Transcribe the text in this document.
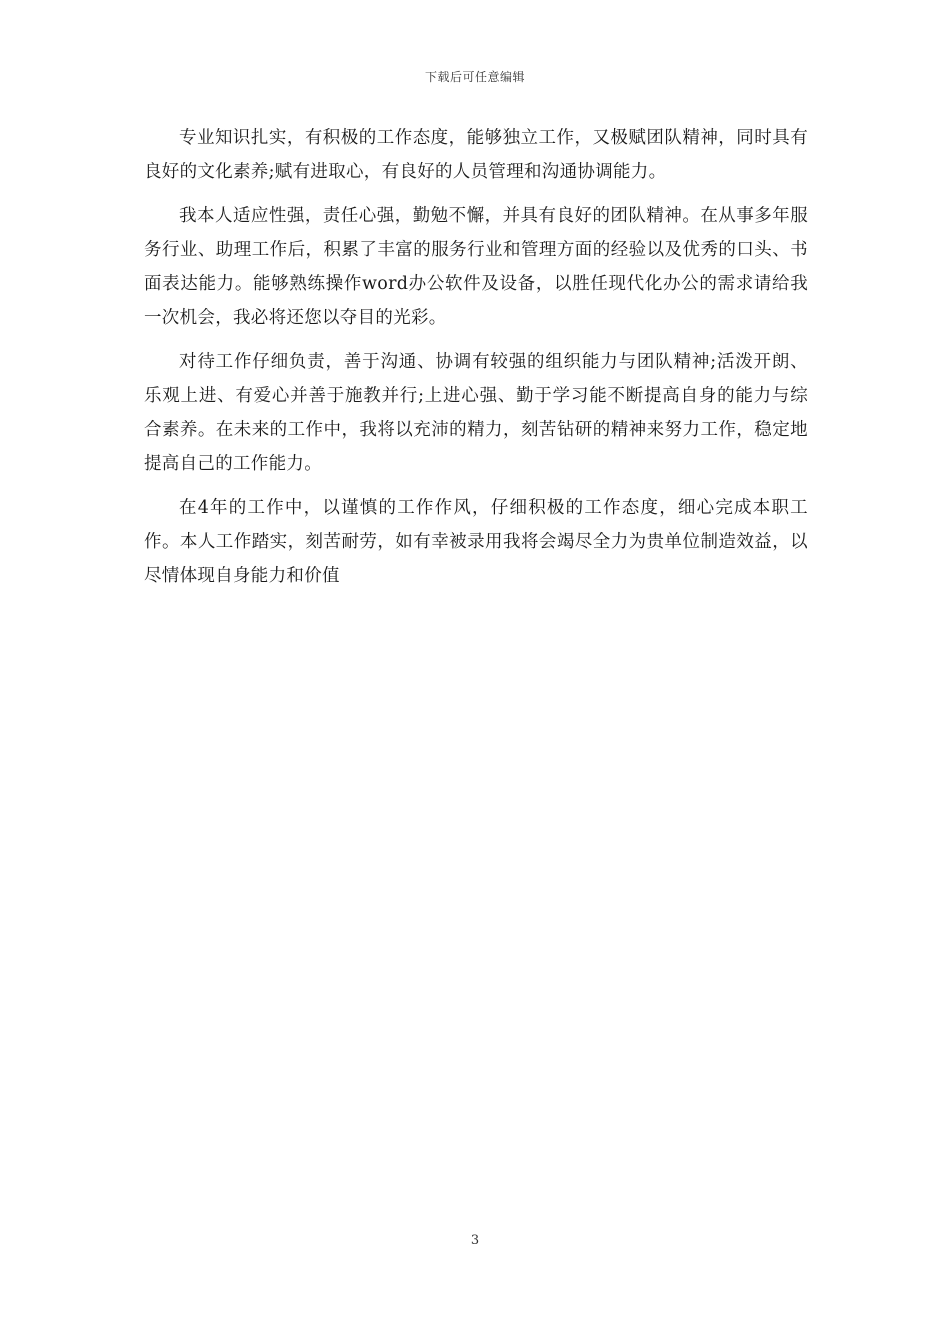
下载后可任意编辑

专业知识扎实，有积极的工作态度，能够独立工作，又极赋团队精神，同时具有良好的文化素养;赋有进取心，有良好的人员管理和沟通协调能力。

我本人适应性强，责任心强，勤勉不懈，并具有良好的团队精神。在从事多年服务行业、助理工作后，积累了丰富的服务行业和管理方面的经验以及优秀的口头、书面表达能力。能够熟练操作word办公软件及设备，以胜任现代化办公的需求请给我一次机会，我必将还您以夺目的光彩。

对待工作仔细负责，善于沟通、协调有较强的组织能力与团队精神;活泼开朗、乐观上进、有爱心并善于施教并行;上进心强、勤于学习能不断提高自身的能力与综合素养。在未来的工作中，我将以充沛的精力，刻苦钻研的精神来努力工作，稳定地提高自己的工作能力。

在4年的工作中，以谨慎的工作作风，仔细积极的工作态度，细心完成本职工作。本人工作踏实，刻苦耐劳，如有幸被录用我将会竭尽全力为贵单位制造效益，以尽情体现自身能力和价值

3
